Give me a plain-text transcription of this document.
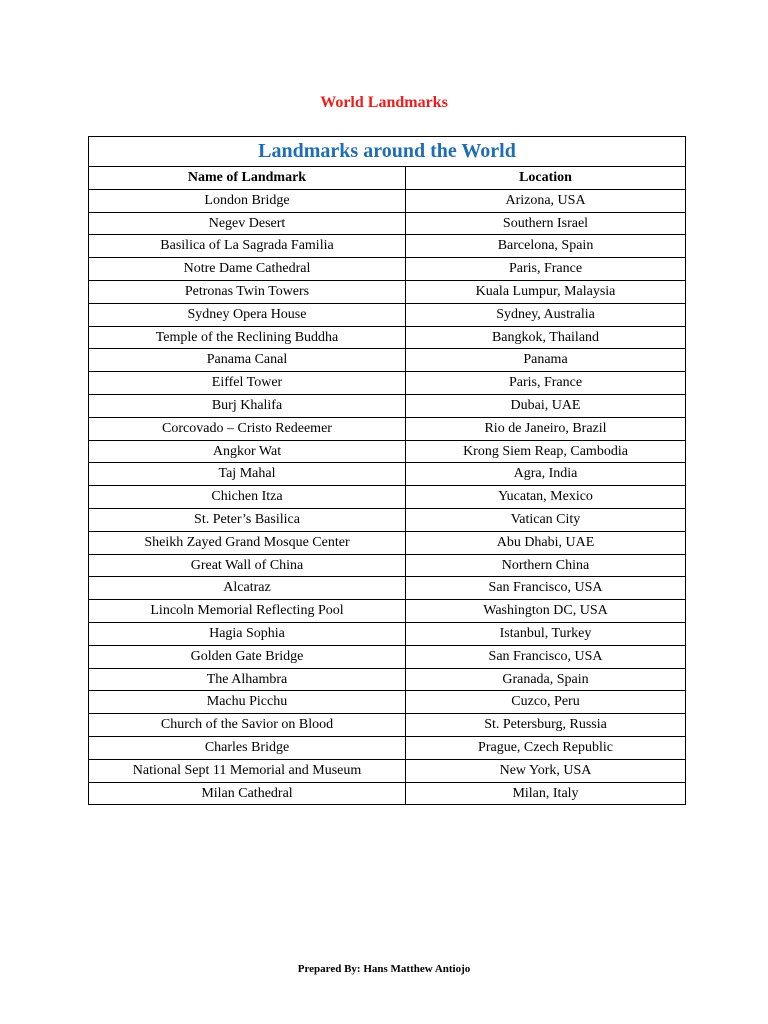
World Landmarks
Landmarks around the World	
Name of Landmark	Location
London Bridge	Arizona, USA
Negev Desert	Southern Israel
Basilica of La Sagrada Familia	Barcelona, Spain
Notre Dame Cathedral	Paris, France
Petronas Twin Towers	Kuala Lumpur, Malaysia
Sydney Opera House	Sydney, Australia
Temple of the Reclining Buddha	Bangkok, Thailand
Panama Canal	Panama
Eiffel Tower	Paris, France
Burj Khalifa	Dubai, UAE
Corcovado – Cristo Redeemer	Rio de Janeiro, Brazil
Angkor Wat	Krong Siem Reap, Cambodia
Taj Mahal	Agra, India
Chichen Itza	Yucatan, Mexico
St. Peter’s Basilica	Vatican City
Sheikh Zayed Grand Mosque Center	Abu Dhabi, UAE
Great Wall of China	Northern China
Alcatraz	San Francisco, USA
Lincoln Memorial Reflecting Pool	Washington DC, USA
Hagia Sophia	Istanbul, Turkey
Golden Gate Bridge	San Francisco, USA
The Alhambra	Granada, Spain
Machu Picchu	Cuzco, Peru
Church of the Savior on Blood	St. Petersburg, Russia
Charles Bridge	Prague, Czech Republic
National Sept 11 Memorial and Museum	New York, USA
Milan Cathedral	Milan, Italy
Prepared By: Hans Matthew Antiojo
